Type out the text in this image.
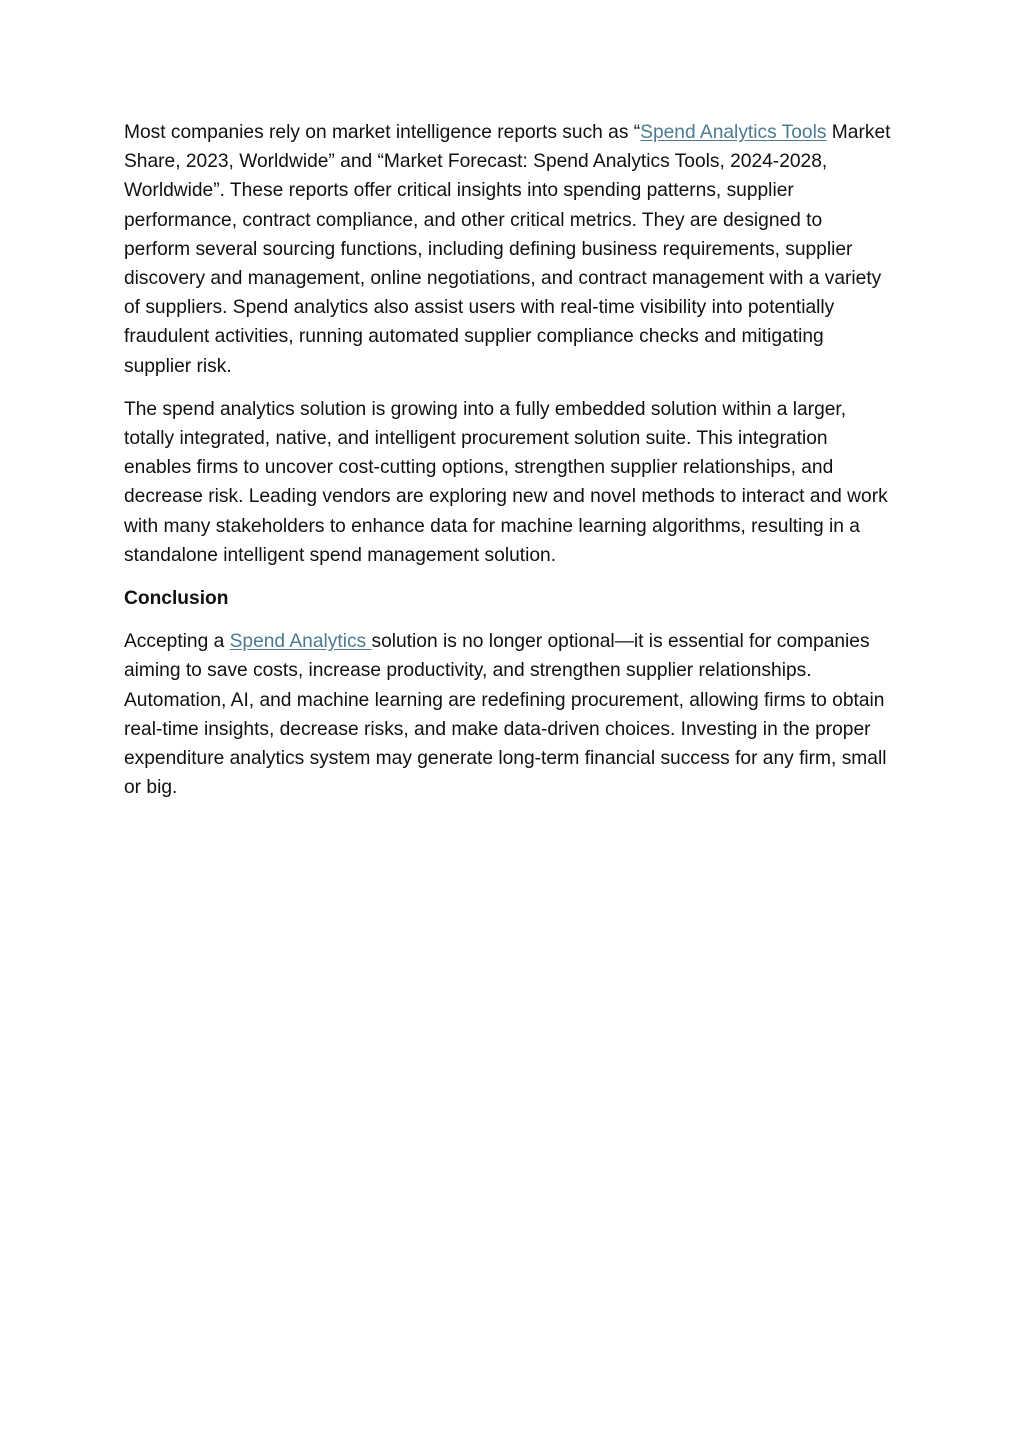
Most companies rely on market intelligence reports such as “Spend Analytics Tools Market Share, 2023, Worldwide” and “Market Forecast: Spend Analytics Tools, 2024-2028, Worldwide”. These reports offer critical insights into spending patterns, supplier performance, contract compliance, and other critical metrics. They are designed to perform several sourcing functions, including defining business requirements, supplier discovery and management, online negotiations, and contract management with a variety of suppliers. Spend analytics also assist users with real-time visibility into potentially fraudulent activities, running automated supplier compliance checks and mitigating supplier risk.

The spend analytics solution is growing into a fully embedded solution within a larger, totally integrated, native, and intelligent procurement solution suite. This integration enables firms to uncover cost-cutting options, strengthen supplier relationships, and decrease risk. Leading vendors are exploring new and novel methods to interact and work with many stakeholders to enhance data for machine learning algorithms, resulting in a standalone intelligent spend management solution.

Conclusion

Accepting a Spend Analytics solution is no longer optional—it is essential for companies aiming to save costs, increase productivity, and strengthen supplier relationships. Automation, AI, and machine learning are redefining procurement, allowing firms to obtain real-time insights, decrease risks, and make data-driven choices. Investing in the proper expenditure analytics system may generate long-term financial success for any firm, small or big.
